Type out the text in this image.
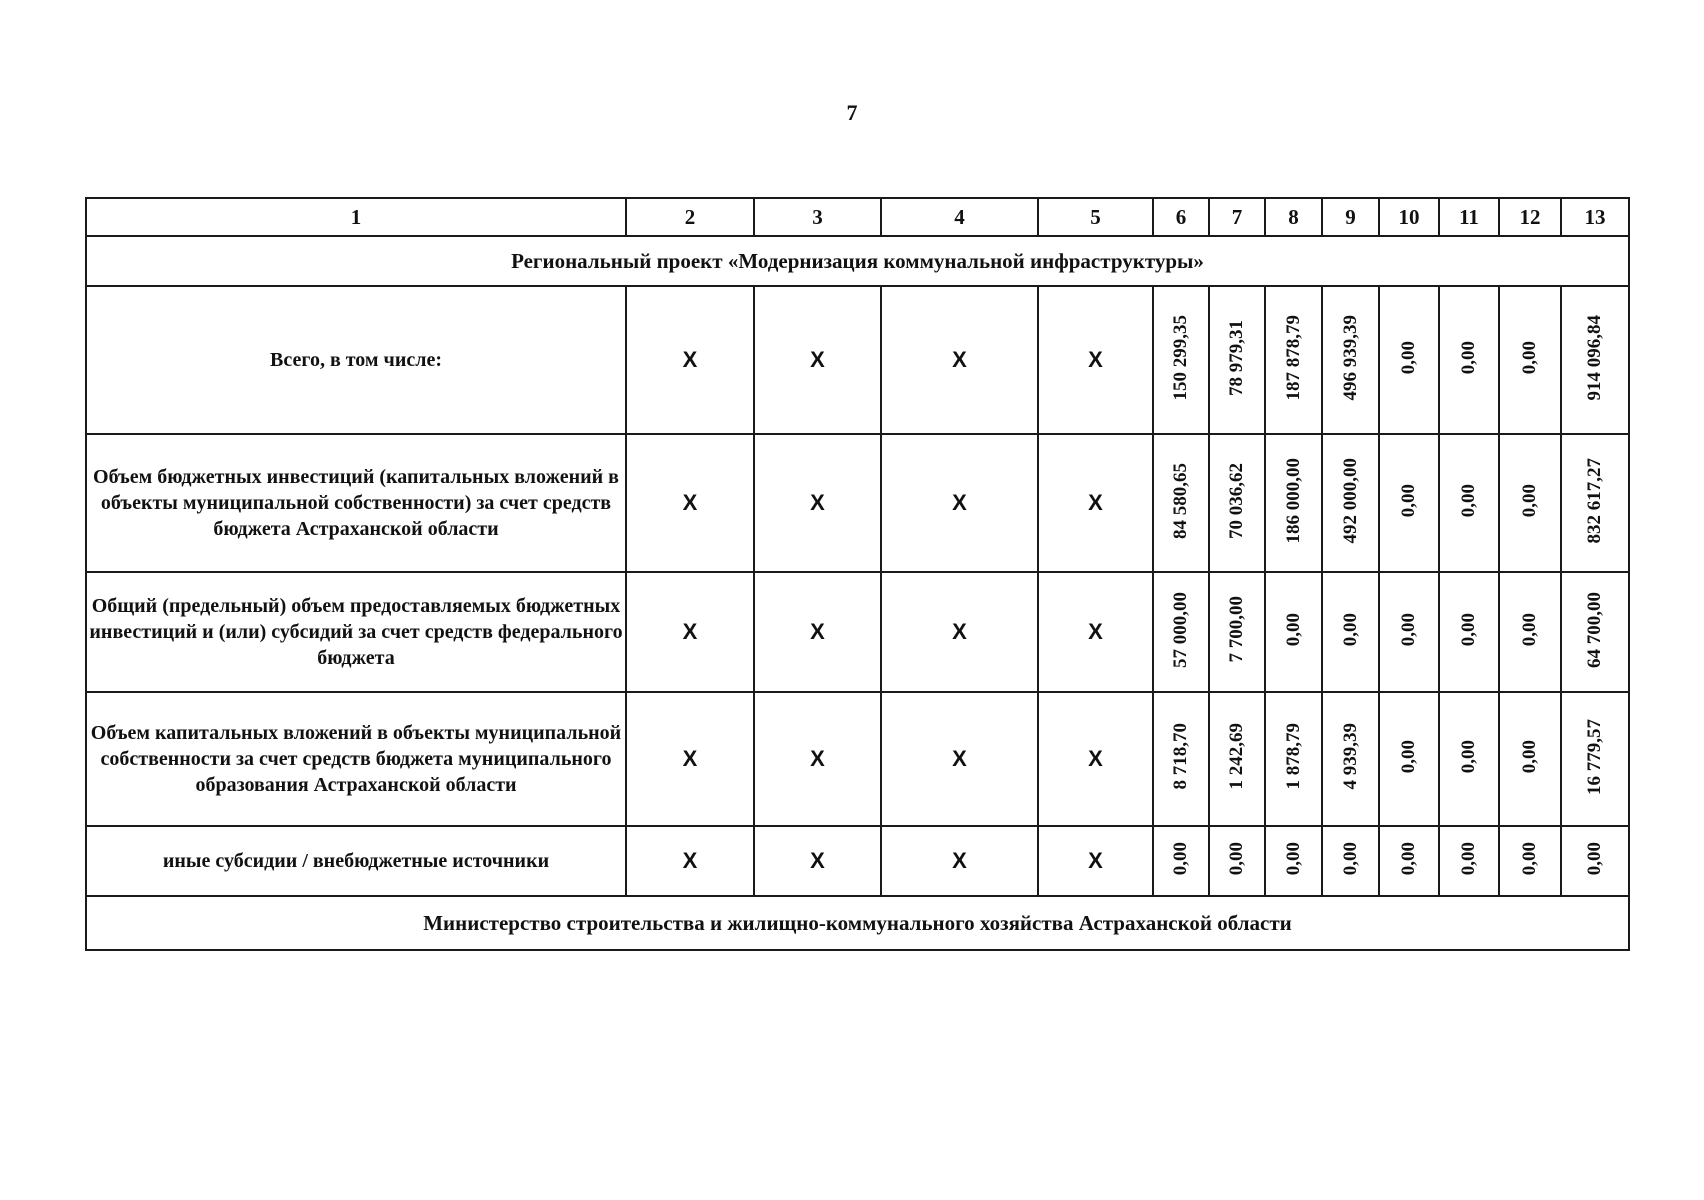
7
1	2	3	4	5	6	7	8	9	10	11	12	13
Региональный проект «Модернизация коммунальной инфраструктуры»												
Всего, в том числе:	Х	Х	Х	Х	150 299,35	78 979,31	187 878,79	496 939,39	0,00	0,00	0,00	914 096,84
Объем бюджетных инвестиций (капитальных вложений в объекты муниципальной собственности) за счет средств бюджета Астраханской области	Х	Х	Х	Х	84 580,65	70 036,62	186 000,00	492 000,00	0,00	0,00	0,00	832 617,27
Общий (предельный) объем предоставляемых бюджетных инвестиций и (или) субсидий за счет средств федерального бюджета	Х	Х	Х	Х	57 000,00	7 700,00	0,00	0,00	0,00	0,00	0,00	64 700,00
Объем капитальных вложений в объекты муниципальной собственности за счет средств бюджета муниципального образования Астраханской области	Х	Х	Х	Х	8 718,70	1 242,69	1 878,79	4 939,39	0,00	0,00	0,00	16 779,57
иные субсидии / внебюджетные источники	Х	Х	Х	Х	0,00	0,00	0,00	0,00	0,00	0,00	0,00	0,00
Министерство строительства и жилищно-коммунального хозяйства Астраханской области												
